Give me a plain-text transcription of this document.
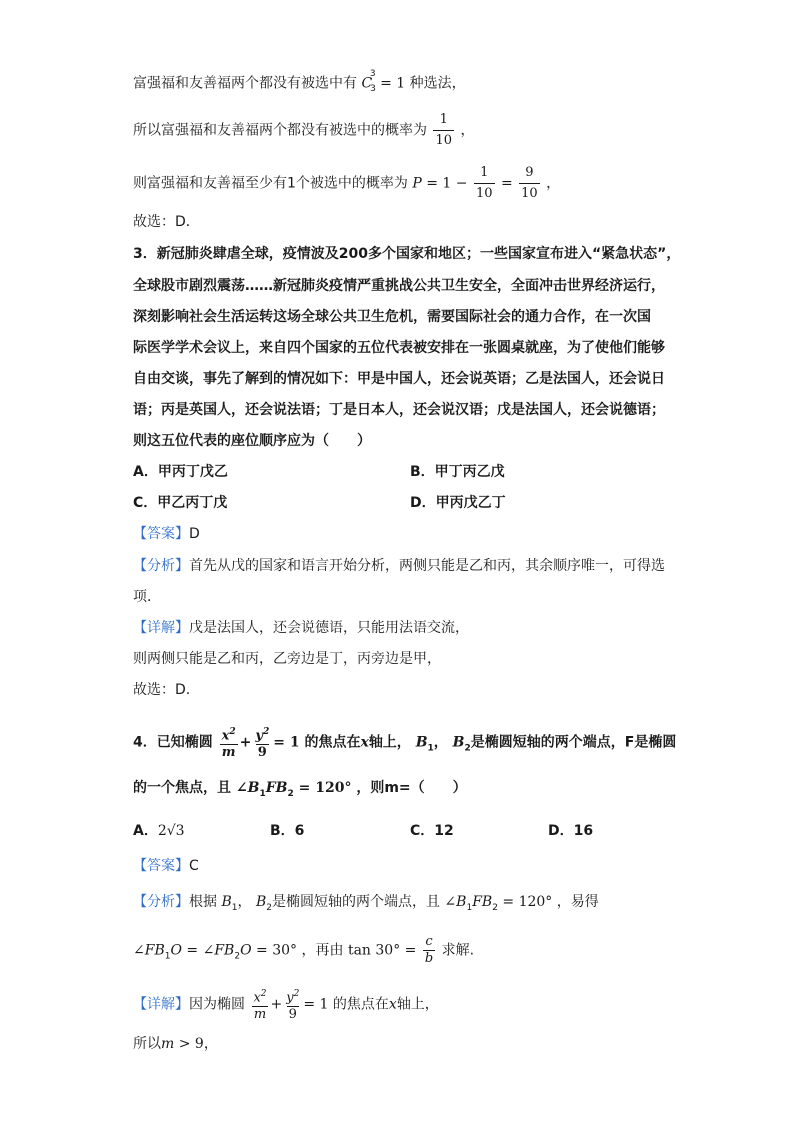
富强福和友善福两个都没有被选中有 $C_3^3 = 1$ 种选法，
所以富强福和友善福两个都没有被选中的概率为 $\frac{1}{10}$ ，
则富强福和友善福至少有1个被选中的概率为 $P = 1 - \frac{1}{10} = \frac{9}{10}$ ，
故选：D．
3．新冠肺炎肆虐全球，疫情波及200多个国家和地区；一些国家宣布进入“紧急状态”，
全球股市剧烈震荡……新冠肺炎疫情严重挑战公共卫生安全，全面冲击世界经济运行，
深刻影响社会生活运转这场全球公共卫生危机，需要国际社会的通力合作，在一次国
际医学学术会议上，来自四个国家的五位代表被安排在一张圆桌就座，为了使他们能够
自由交谈，事先了解到的情况如下：甲是中国人，还会说英语；乙是法国人，还会说日
语；丙是英国人，还会说法语；丁是日本人，还会说汉语；戊是法国人，还会说德语；
则这五位代表的座位顺序应为（　　）
A．甲丙丁戊乙	B．甲丁丙乙戊
C．甲乙丙丁戊	D．甲丙戊乙丁
【答案】D
【分析】首先从戊的国家和语言开始分析，两侧只能是乙和丙，其余顺序唯一，可得选
项．
【详解】戊是法国人，还会说德语，只能用法语交流，
则两侧只能是乙和丙，乙旁边是丁，丙旁边是甲，
故选：D.
4．已知椭圆 $\frac{x^2}{m} + \frac{y^2}{9} = 1$ 的焦点在x轴上， $B_1$， $B_2$是椭圆短轴的两个端点，F是椭圆
的一个焦点，且 $\angle B_1FB_2 = 120^\circ$ ，则m=（　　）
A．2√3	B．6	C．12	D．16
【答案】C
【分析】根据 $B_1$， $B_2$是椭圆短轴的两个端点，且 $\angle B_1FB_2 = 120^\circ$ ，易得
$\angle FB_1O$ = $\angle FB_2O = 30^\circ$ ，再由 $\tan 30^\circ = \frac{c}{b}$ 求解.
【详解】因为椭圆 $\frac{x^2}{m} + \frac{y^2}{9} = 1$ 的焦点在x轴上，
所以m > 9，
